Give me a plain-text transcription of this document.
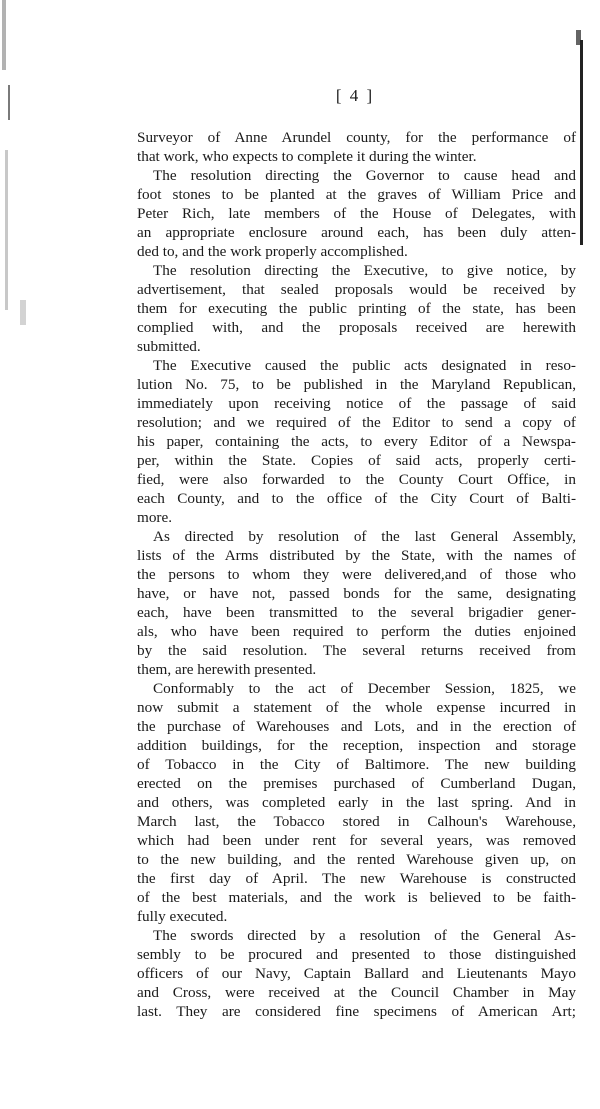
[ 4 ]
Surveyor of Anne Arundel county, for the performance of
that work, who expects to complete it during the winter.
The resolution directing the Governor to cause head and
foot stones to be planted at the graves of William Price and
Peter Rich, late members of the House of Delegates, with
an appropriate enclosure around each, has been duly atten-
ded to, and the work properly accomplished.
The resolution directing the Executive, to give notice, by
advertisement, that sealed proposals would be received by
them for executing the public printing of the state, has been
complied with, and the proposals received are herewith
submitted.
The Executive caused the public acts designated in reso-
lution No. 75, to be published in the Maryland Republican,
immediately upon receiving notice of the passage of said
resolution; and we required of the Editor to send a copy of
his paper, containing the acts, to every Editor of a Newspa-
per, within the State. Copies of said acts, properly certi-
fied, were also forwarded to the County Court Office, in
each County, and to the office of the City Court of Balti-
more.
As directed by resolution of the last General Assembly,
lists of the Arms distributed by the State, with the names of
the persons to whom they were delivered,and of those who
have, or have not, passed bonds for the same, designating
each, have been transmitted to the several brigadier gener-
als, who have been required to perform the duties enjoined
by the said resolution. The several returns received from
them, are herewith presented.
Conformably to the act of December Session, 1825, we
now submit a statement of the whole expense incurred in
the purchase of Warehouses and Lots, and in the erection of
addition buildings, for the reception, inspection and storage
of Tobacco in the City of Baltimore. The new building
erected on the premises purchased of Cumberland Dugan,
and others, was completed early in the last spring. And in
March last, the Tobacco stored in Calhoun's Warehouse,
which had been under rent for several years, was removed
to the new building, and the rented Warehouse given up, on
the first day of April. The new Warehouse is constructed
of the best materials, and the work is believed to be faith-
fully executed.
The swords directed by a resolution of the General As-
sembly to be procured and presented to those distinguished
officers of our Navy, Captain Ballard and Lieutenants Mayo
and Cross, were received at the Council Chamber in May
last. They are considered fine specimens of American Art;
